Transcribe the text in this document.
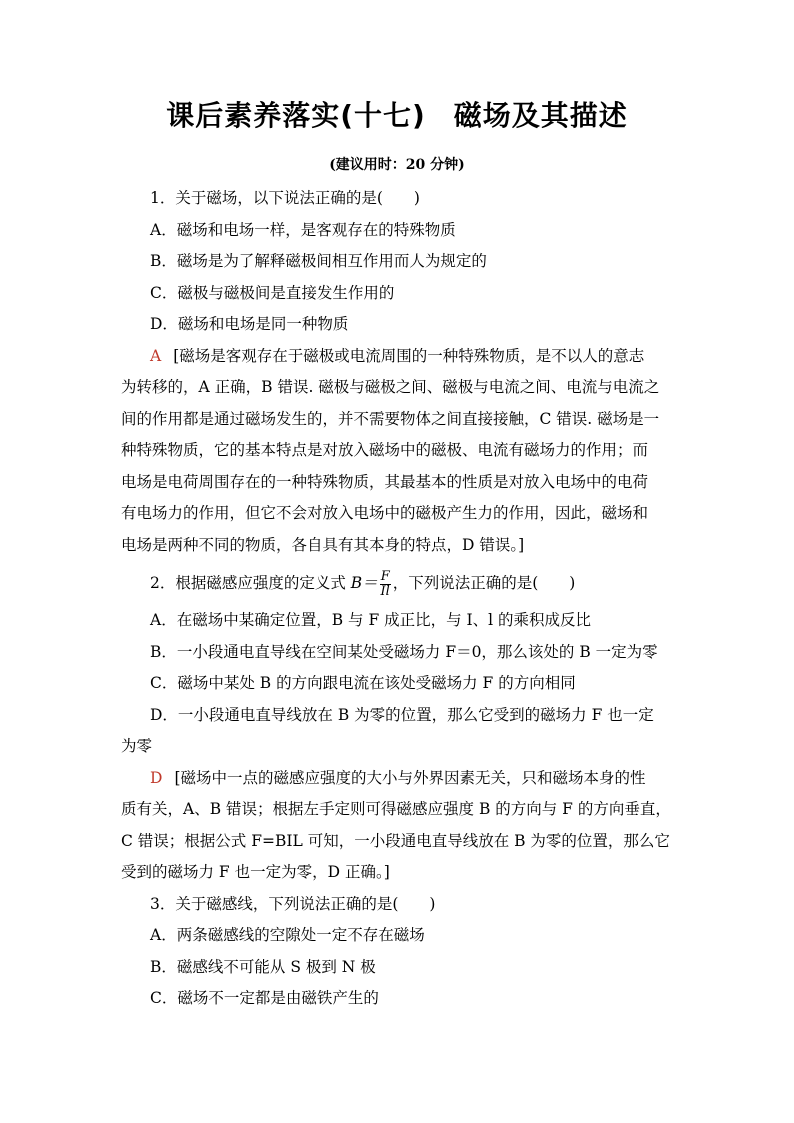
课后素养落实(十七) 磁场及其描述
(建议用时：20 分钟)
1．关于磁场，以下说法正确的是(　　)
A．磁场和电场一样，是客观存在的特殊物质
B．磁场是为了解释磁极间相互作用而人为规定的
C．磁极与磁极间是直接发生作用的
D．磁场和电场是同一种物质
A [磁场是客观存在于磁极或电流周围的一种特殊物质，是不以人的意志
为转移的，A 正确，B 错误. 磁极与磁极之间、磁极与电流之间、电流与电流之
间的作用都是通过磁场发生的，并不需要物体之间直接接触，C 错误. 磁场是一
种特殊物质，它的基本特点是对放入磁场中的磁极、电流有磁场力的作用；而
电场是电荷周围存在的一种特殊物质，其最基本的性质是对放入电场中的电荷
有电场力的作用，但它不会对放入电场中的磁极产生力的作用，因此，磁场和
电场是两种不同的物质，各自具有其本身的特点，D 错误。]
2．根据磁感应强度的定义式 $B= \frac{F}{Il}$ ，下列说法正确的是(　　)
A．在磁场中某确定位置，B 与 F 成正比，与 I、l 的乘积成反比
B．一小段通电直导线在空间某处受磁场力 F＝0，那么该处的 B 一定为零
C．磁场中某处 B 的方向跟电流在该处受磁场力 F 的方向相同
D．一小段通电直导线放在 B 为零的位置，那么它受到的磁场力 F 也一定
为零
D [磁场中一点的磁感应强度的大小与外界因素无关，只和磁场本身的性
质有关，A、B 错误；根据左手定则可得磁感应强度 B 的方向与 F 的方向垂直，
C 错误；根据公式 F=BIL 可知，一小段通电直导线放在 B 为零的位置，那么它
受到的磁场力 F 也一定为零，D 正确。]
3．关于磁感线，下列说法正确的是(　　)
A．两条磁感线的空隙处一定不存在磁场
B．磁感线不可能从 S 极到 N 极
C．磁场不一定都是由磁铁产生的
